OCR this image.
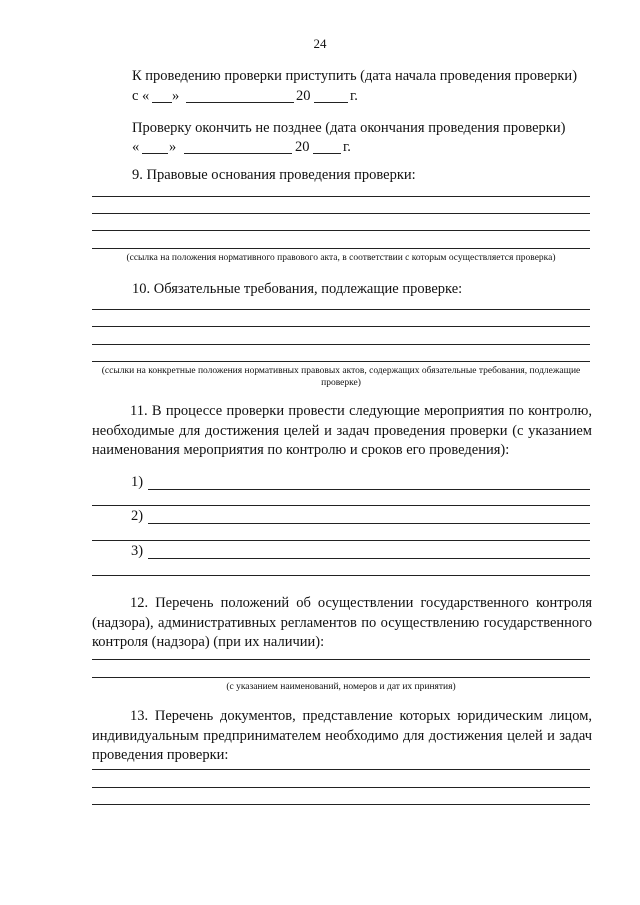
24
К проведению проверки приступить (дата начала проведения проверки)
с « »	20	г.
Проверку окончить не позднее (дата окончания проведения проверки)
« »	20 г.
9. Правовые основания проведения проверки:
(ссылка на положения нормативного правового акта, в соответствии с которым осуществляется проверка)
10. Обязательные требования, подлежащие проверке:
(ссылки на конкретные положения нормативных правовых актов, содержащих обязательные требования, подлежащие проверке)
11. В процессе проверки провести следующие мероприятия по контролю, необходимые для достижения целей и задач проведения проверки (с указанием наименования мероприятия по контролю и сроков его проведения):
1)
2)
3)
12. Перечень положений об осуществлении государственного контроля (надзора), административных регламентов по осуществлению государственного контроля (надзора) (при их наличии):
(с указанием наименований, номеров и дат их принятия)
13. Перечень документов, представление которых юридическим лицом, индивидуальным предпринимателем необходимо для достижения целей и задач проведения проверки:
